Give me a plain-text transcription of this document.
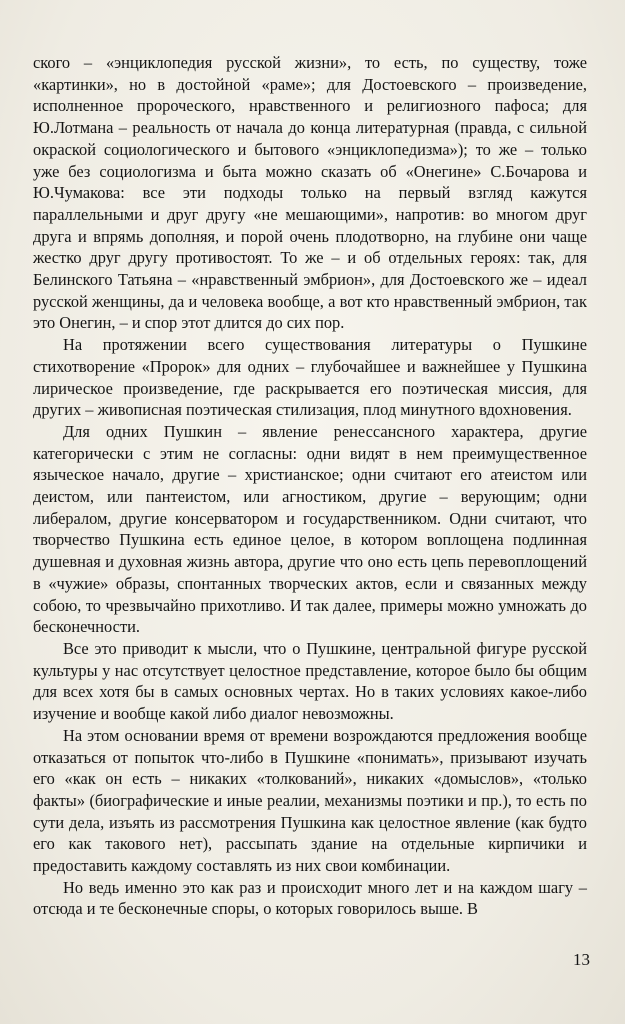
ского – «энциклопедия русской жизни», то есть, по существу, тоже «картинки», но в достойной «раме»; для Достоевского – произведение, исполненное пророческого, нравственного и религиозного пафоса; для Ю.Лотмана – реальность от начала до конца литературная (правда, с сильной окраской социологического и бытового «энциклопедизма»); то же – только уже без социологизма и быта можно сказать об «Онегине» С.Бочарова и Ю.Чумакова: все эти подходы только на первый взгляд кажутся параллельными и друг другу «не мешающими», напротив: во многом друг друга и впрямь дополняя, и порой очень плодотворно, на глубине они чаще жестко друг другу противостоят. То же – и об отдельных героях: так, для Белинского Татьяна – «нравственный эмбрион», для Достоевского же – идеал русской женщины, да и человека вообще, а вот кто нравственный эмбрион, так это Онегин, – и спор этот длится до сих пор.

На протяжении всего существования литературы о Пушкине стихотворение «Пророк» для одних – глубочайшее и важнейшее у Пушкина лирическое произведение, где раскрывается его поэтическая миссия, для других – живописная поэтическая стилизация, плод минутного вдохновения.

Для одних Пушкин – явление ренессансного характера, другие категорически с этим не согласны: одни видят в нем преимущественное языческое начало, другие – христианское; одни считают его атеистом или деистом, или пантеистом, или агностиком, другие – верующим; одни либералом, другие консерватором и государственником. Одни считают, что творчество Пушкина есть единое целое, в котором воплощена подлинная душевная и духовная жизнь автора, другие что оно есть цепь перевоплощений в «чужие» образы, спонтанных творческих актов, если и связанных между собою, то чрезвычайно прихотливо. И так далее, примеры можно умножать до бесконечности.

Все это приводит к мысли, что о Пушкине, центральной фигуре русской культуры у нас отсутствует целостное представление, которое было бы общим для всех хотя бы в самых основных чертах. Но в таких условиях какое-либо изучение и вообще какой либо диалог невозможны.

На этом основании время от времени возрождаются предложения вообще отказаться от попыток что-либо в Пушкине «понимать», призывают изучать его «как он есть – никаких «толкований», никаких «домыслов», «только факты» (биографические и иные реалии, механизмы поэтики и пр.), то есть по сути дела, изъять из рассмотрения Пушкина как целостное явление (как будто его как такового нет), рассыпать здание на отдельные кирпичики и предоставить каждому составлять из них свои комбинации.

Но ведь именно это как раз и происходит много лет и на каждом шагу – отсюда и те бесконечные споры, о которых говорилось выше. В

13
